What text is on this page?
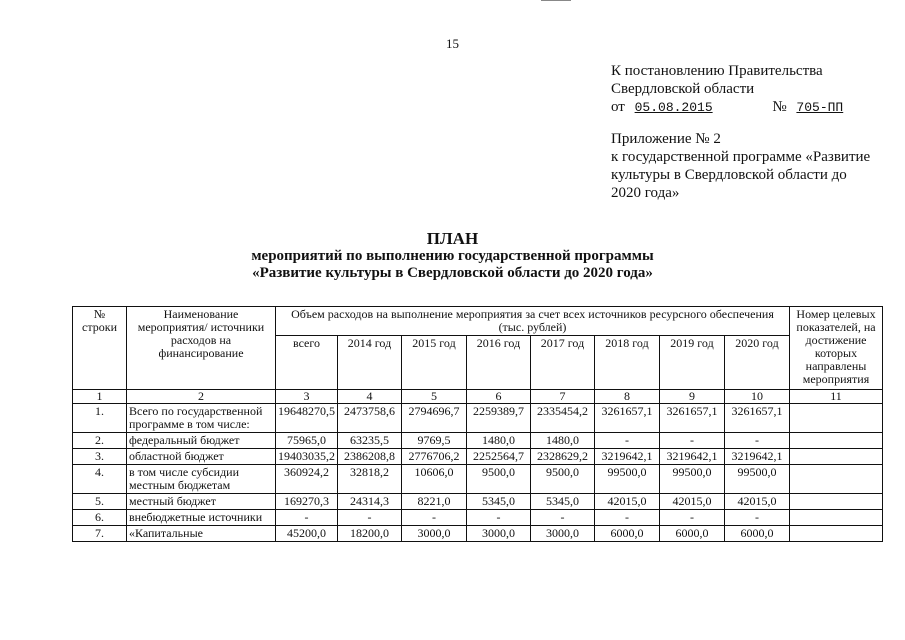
15
К постановлению Правительства
Свердловской области
от 05.08.2015	№ 705-ПП
Приложение № 2
к государственной программе «Развитие
культуры в Свердловской области до
2020 года»
ПЛАН
мероприятий по выполнению государственной программы
«Развитие культуры в Свердловской области до 2020 года»
№ строки	Наименование мероприятия/ источники расходов на финансирование	Объем расходов на выполнение мероприятия за счет всех источников ресурсного обеспечения (тыс. рублей)								Номер целевых показателей, на достижение которых направлены мероприятия
		всего	2014 год	2015 год	2016 год	2017 год	2018 год	2019 год	2020 год	
1	2	3	4	5	6	7	8	9	10	11
1.	Всего по государственной программе в том числе:	19648270,5	2473758,6	2794696,7	2259389,7	2335454,2	3261657,1	3261657,1	3261657,1	
2.	федеральный бюджет	75965,0	63235,5	9769,5	1480,0	1480,0	-	-	-	
3.	областной бюджет	19403035,2	2386208,8	2776706,2	2252564,7	2328629,2	3219642,1	3219642,1	3219642,1	
4.	в том числе субсидии местным бюджетам	360924,2	32818,2	10606,0	9500,0	9500,0	99500,0	99500,0	99500,0	
5.	местный бюджет	169270,3	24314,3	8221,0	5345,0	5345,0	42015,0	42015,0	42015,0	
6.	внебюджетные источники	-	-	-	-	-	-	-	-	
7.	«Капитальные	45200,0	18200,0	3000,0	3000,0	3000,0	6000,0	6000,0	6000,0	
